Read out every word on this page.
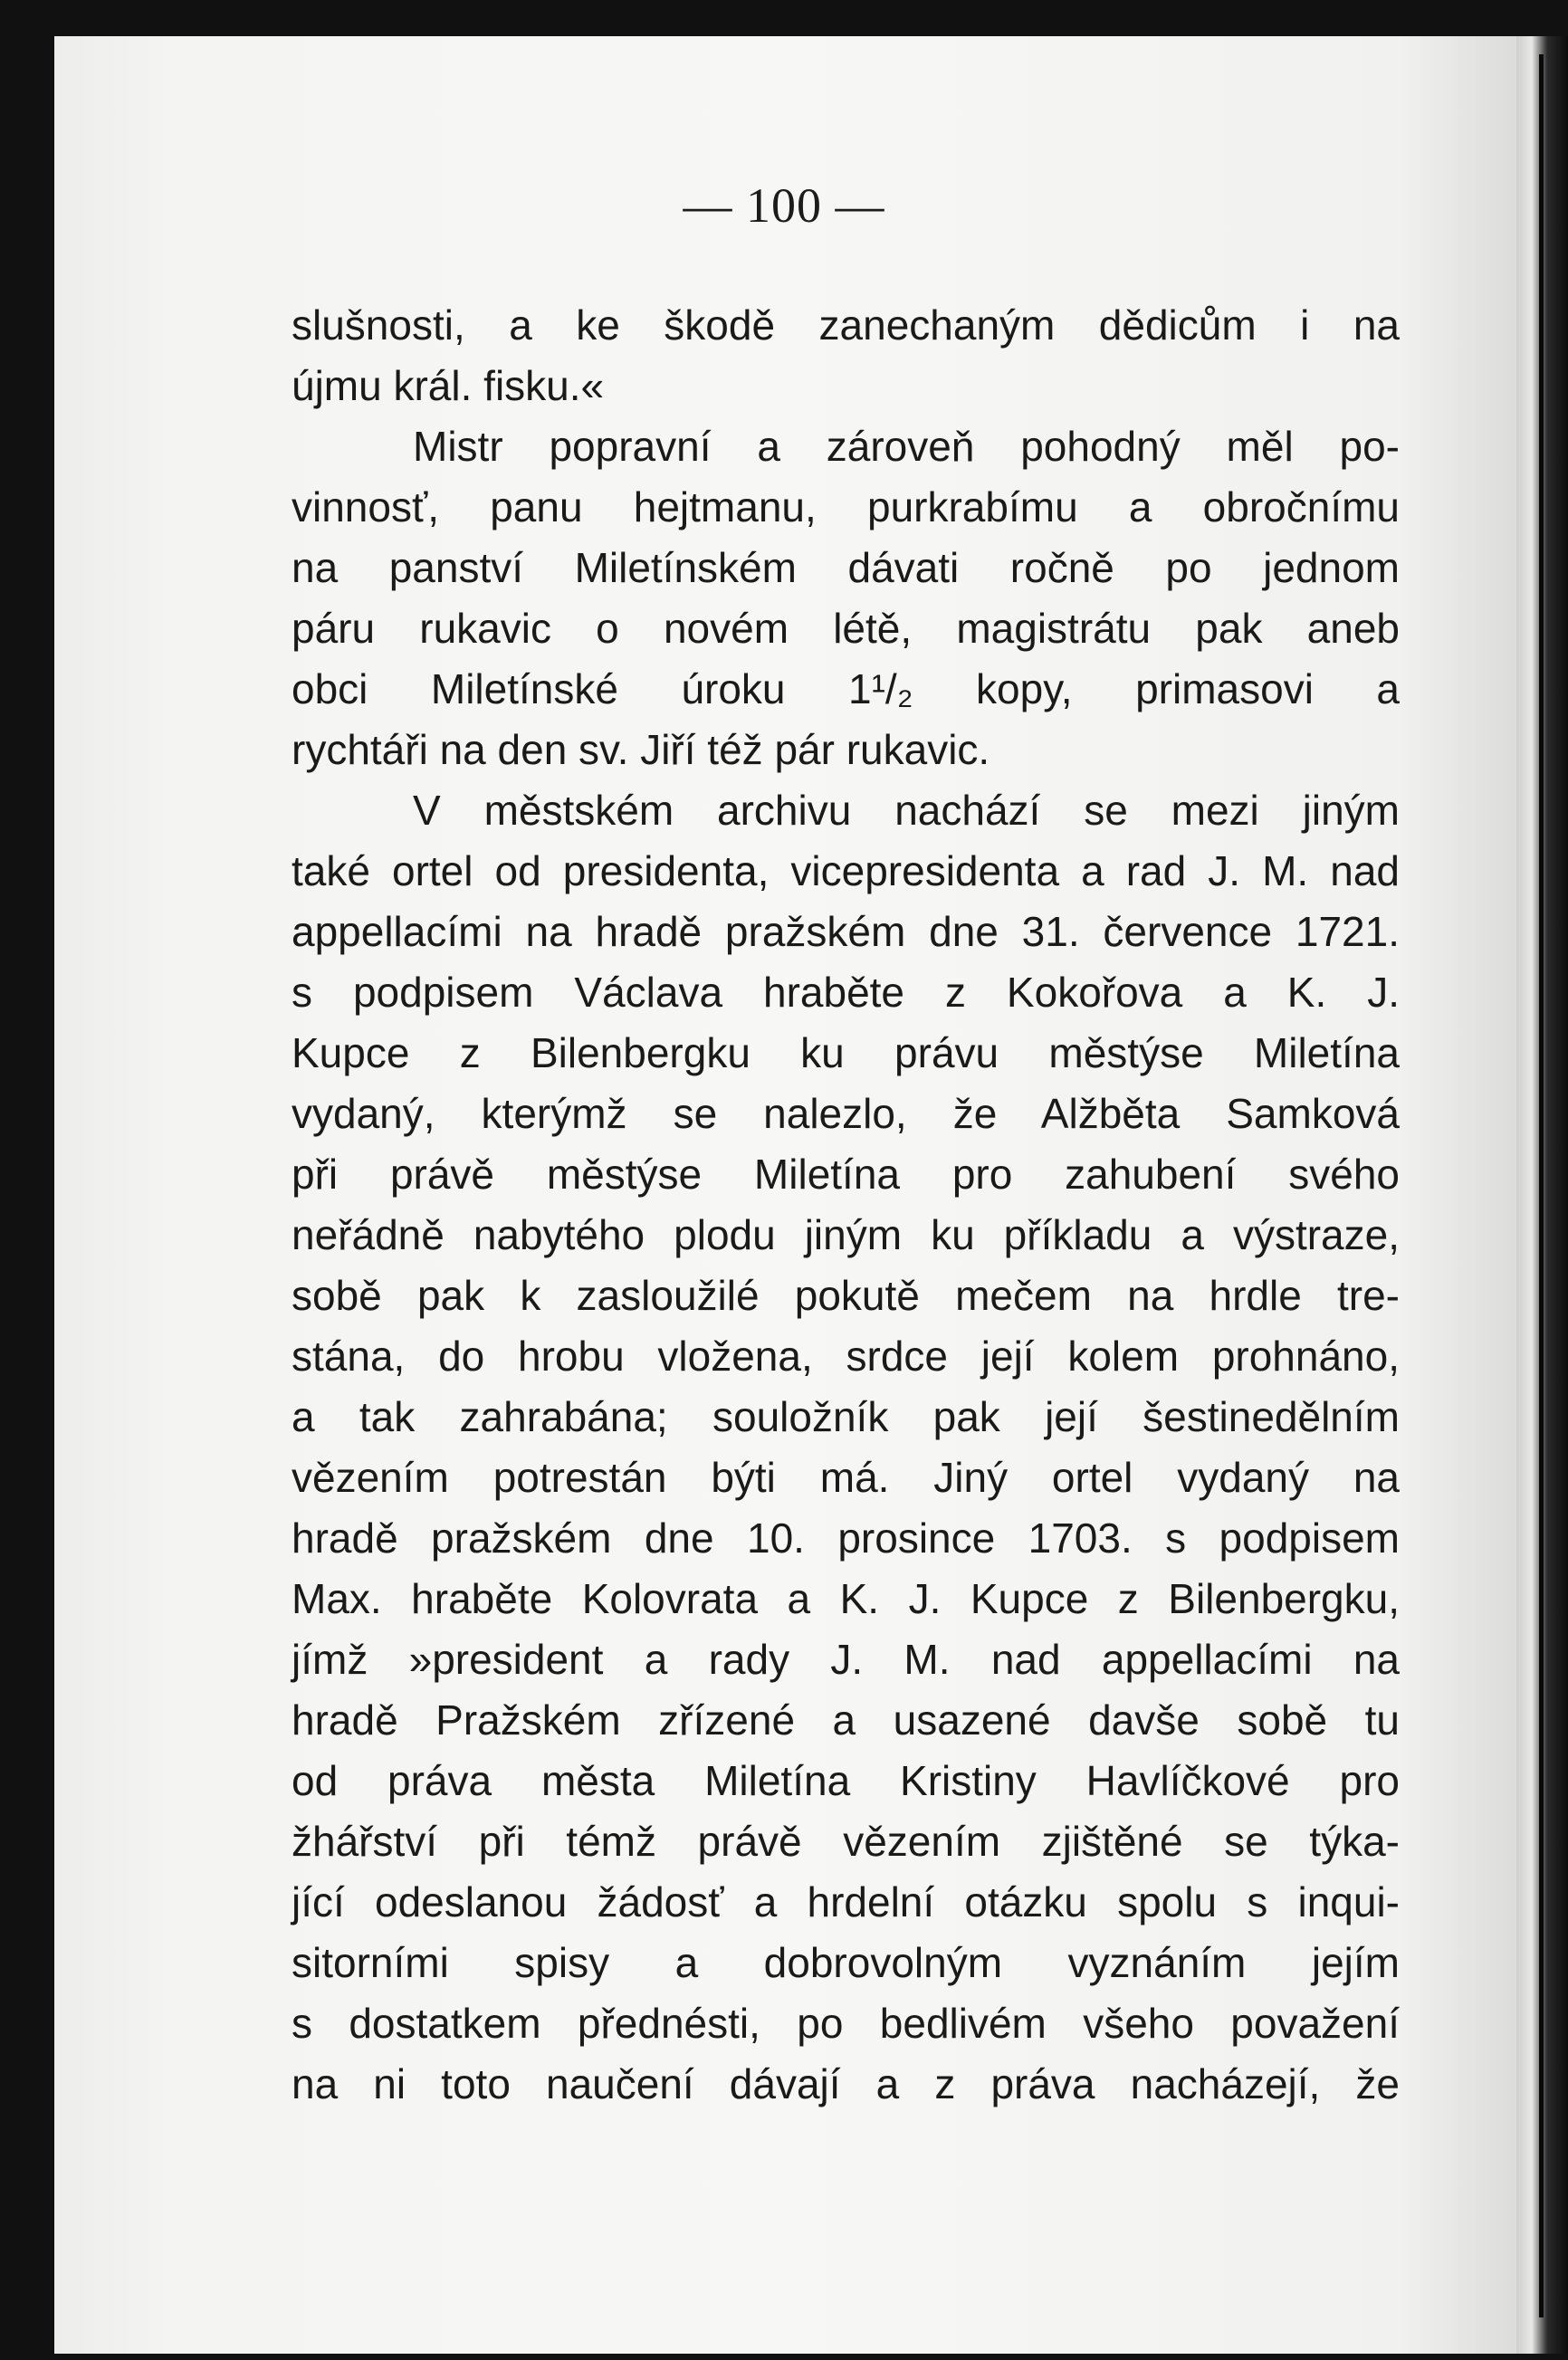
— 100 —
slušnosti, a ke škodě zanechaným dědicům i na
újmu král. fisku.«
Mistr popravní a zároveň pohodný měl po-
vinnosť, panu hejtmanu, purkrabímu a obročnímu
na panství Miletínském dávati ročně po jednom
páru rukavic o novém létě, magistrátu pak aneb
obci Miletínské úroku 1¹/₂ kopy, primasovi a
rychtáři na den sv. Jiří též pár rukavic.
V městském archivu nachází se mezi jiným
také ortel od presidenta, vicepresidenta a rad J. M. nad
appellacími na hradě pražském dne 31. července 1721.
s podpisem Václava hraběte z Kokořova a K. J.
Kupce z Bilenbergku ku právu městýse Miletína
vydaný, kterýmž se nalezlo, že Alžběta Samková
při právě městýse Miletína pro zahubení svého
neřádně nabytého plodu jiným ku příkladu a výstraze,
sobě pak k zasloužilé pokutě mečem na hrdle tre-
stána, do hrobu vložena, srdce její kolem prohnáno,
a tak zahrabána; souložník pak její šestinedělním
vězením potrestán býti má. Jiný ortel vydaný na
hradě pražském dne 10. prosince 1703. s podpisem
Max. hraběte Kolovrata a K. J. Kupce z Bilenbergku,
jímž »president a rady J. M. nad appellacími na
hradě Pražském zřízené a usazené davše sobě tu
od práva města Miletína Kristiny Havlíčkové pro
žhářství při témž právě vězením zjištěné se týka-
jící odeslanou žádosť a hrdelní otázku spolu s inqui-
sitorními spisy a dobrovolným vyznáním jejím
s dostatkem přednésti, po bedlivém všeho považení
na ni toto naučení dávají a z práva nacházejí, že
